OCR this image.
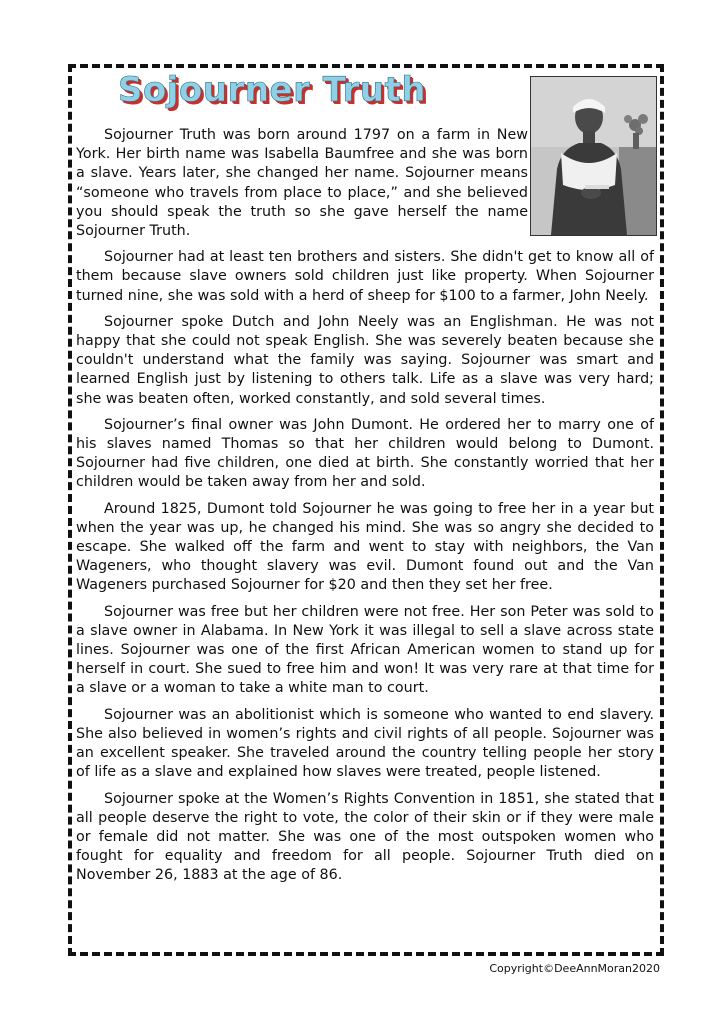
Sojourner Truth

Sojourner Truth was born around 1797 on a farm in New York. Her birth name was Isabella Baumfree and she was born a slave. Years later, she changed her name. Sojourner means “someone who travels from place to place,” and she believed you should speak the truth so she gave herself the name Sojourner Truth.

Sojourner had at least ten brothers and sisters. She didn't get to know all of them because slave owners sold children just like property. When Sojourner turned nine, she was sold with a herd of sheep for $100 to a farmer, John Neely.

Sojourner spoke Dutch and John Neely was an Englishman. He was not happy that she could not speak English. She was severely beaten because she couldn't understand what the family was saying. Sojourner was smart and learned English just by listening to others talk. Life as a slave was very hard; she was beaten often, worked constantly, and sold several times.

Sojourner’s final owner was John Dumont. He ordered her to marry one of his slaves named Thomas so that her children would belong to Dumont. Sojourner had five children, one died at birth. She constantly worried that her children would be taken away from her and sold.

Around 1825, Dumont told Sojourner he was going to free her in a year but when the year was up, he changed his mind. She was so angry she decided to escape. She walked off the farm and went to stay with neighbors, the Van Wageners, who thought slavery was evil. Dumont found out and the Van Wageners purchased Sojourner for $20 and then they set her free.

Sojourner was free but her children were not free. Her son Peter was sold to a slave owner in Alabama. In New York it was illegal to sell a slave across state lines. Sojourner was one of the first African American women to stand up for herself in court. She sued to free him and won! It was very rare at that time for a slave or a woman to take a white man to court.

Sojourner was an abolitionist which is someone who wanted to end slavery. She also believed in women’s rights and civil rights of all people. Sojourner was an excellent speaker. She traveled around the country telling people her story of life as a slave and explained how slaves were treated, people listened.

Sojourner spoke at the Women’s Rights Convention in 1851, she stated that all people deserve the right to vote, the color of their skin or if they were male or female did not matter. She was one of the most outspoken women who fought for equality and freedom for all people. Sojourner Truth died on November 26, 1883 at the age of 86.

Copyright©DeeAnnMoran2020
